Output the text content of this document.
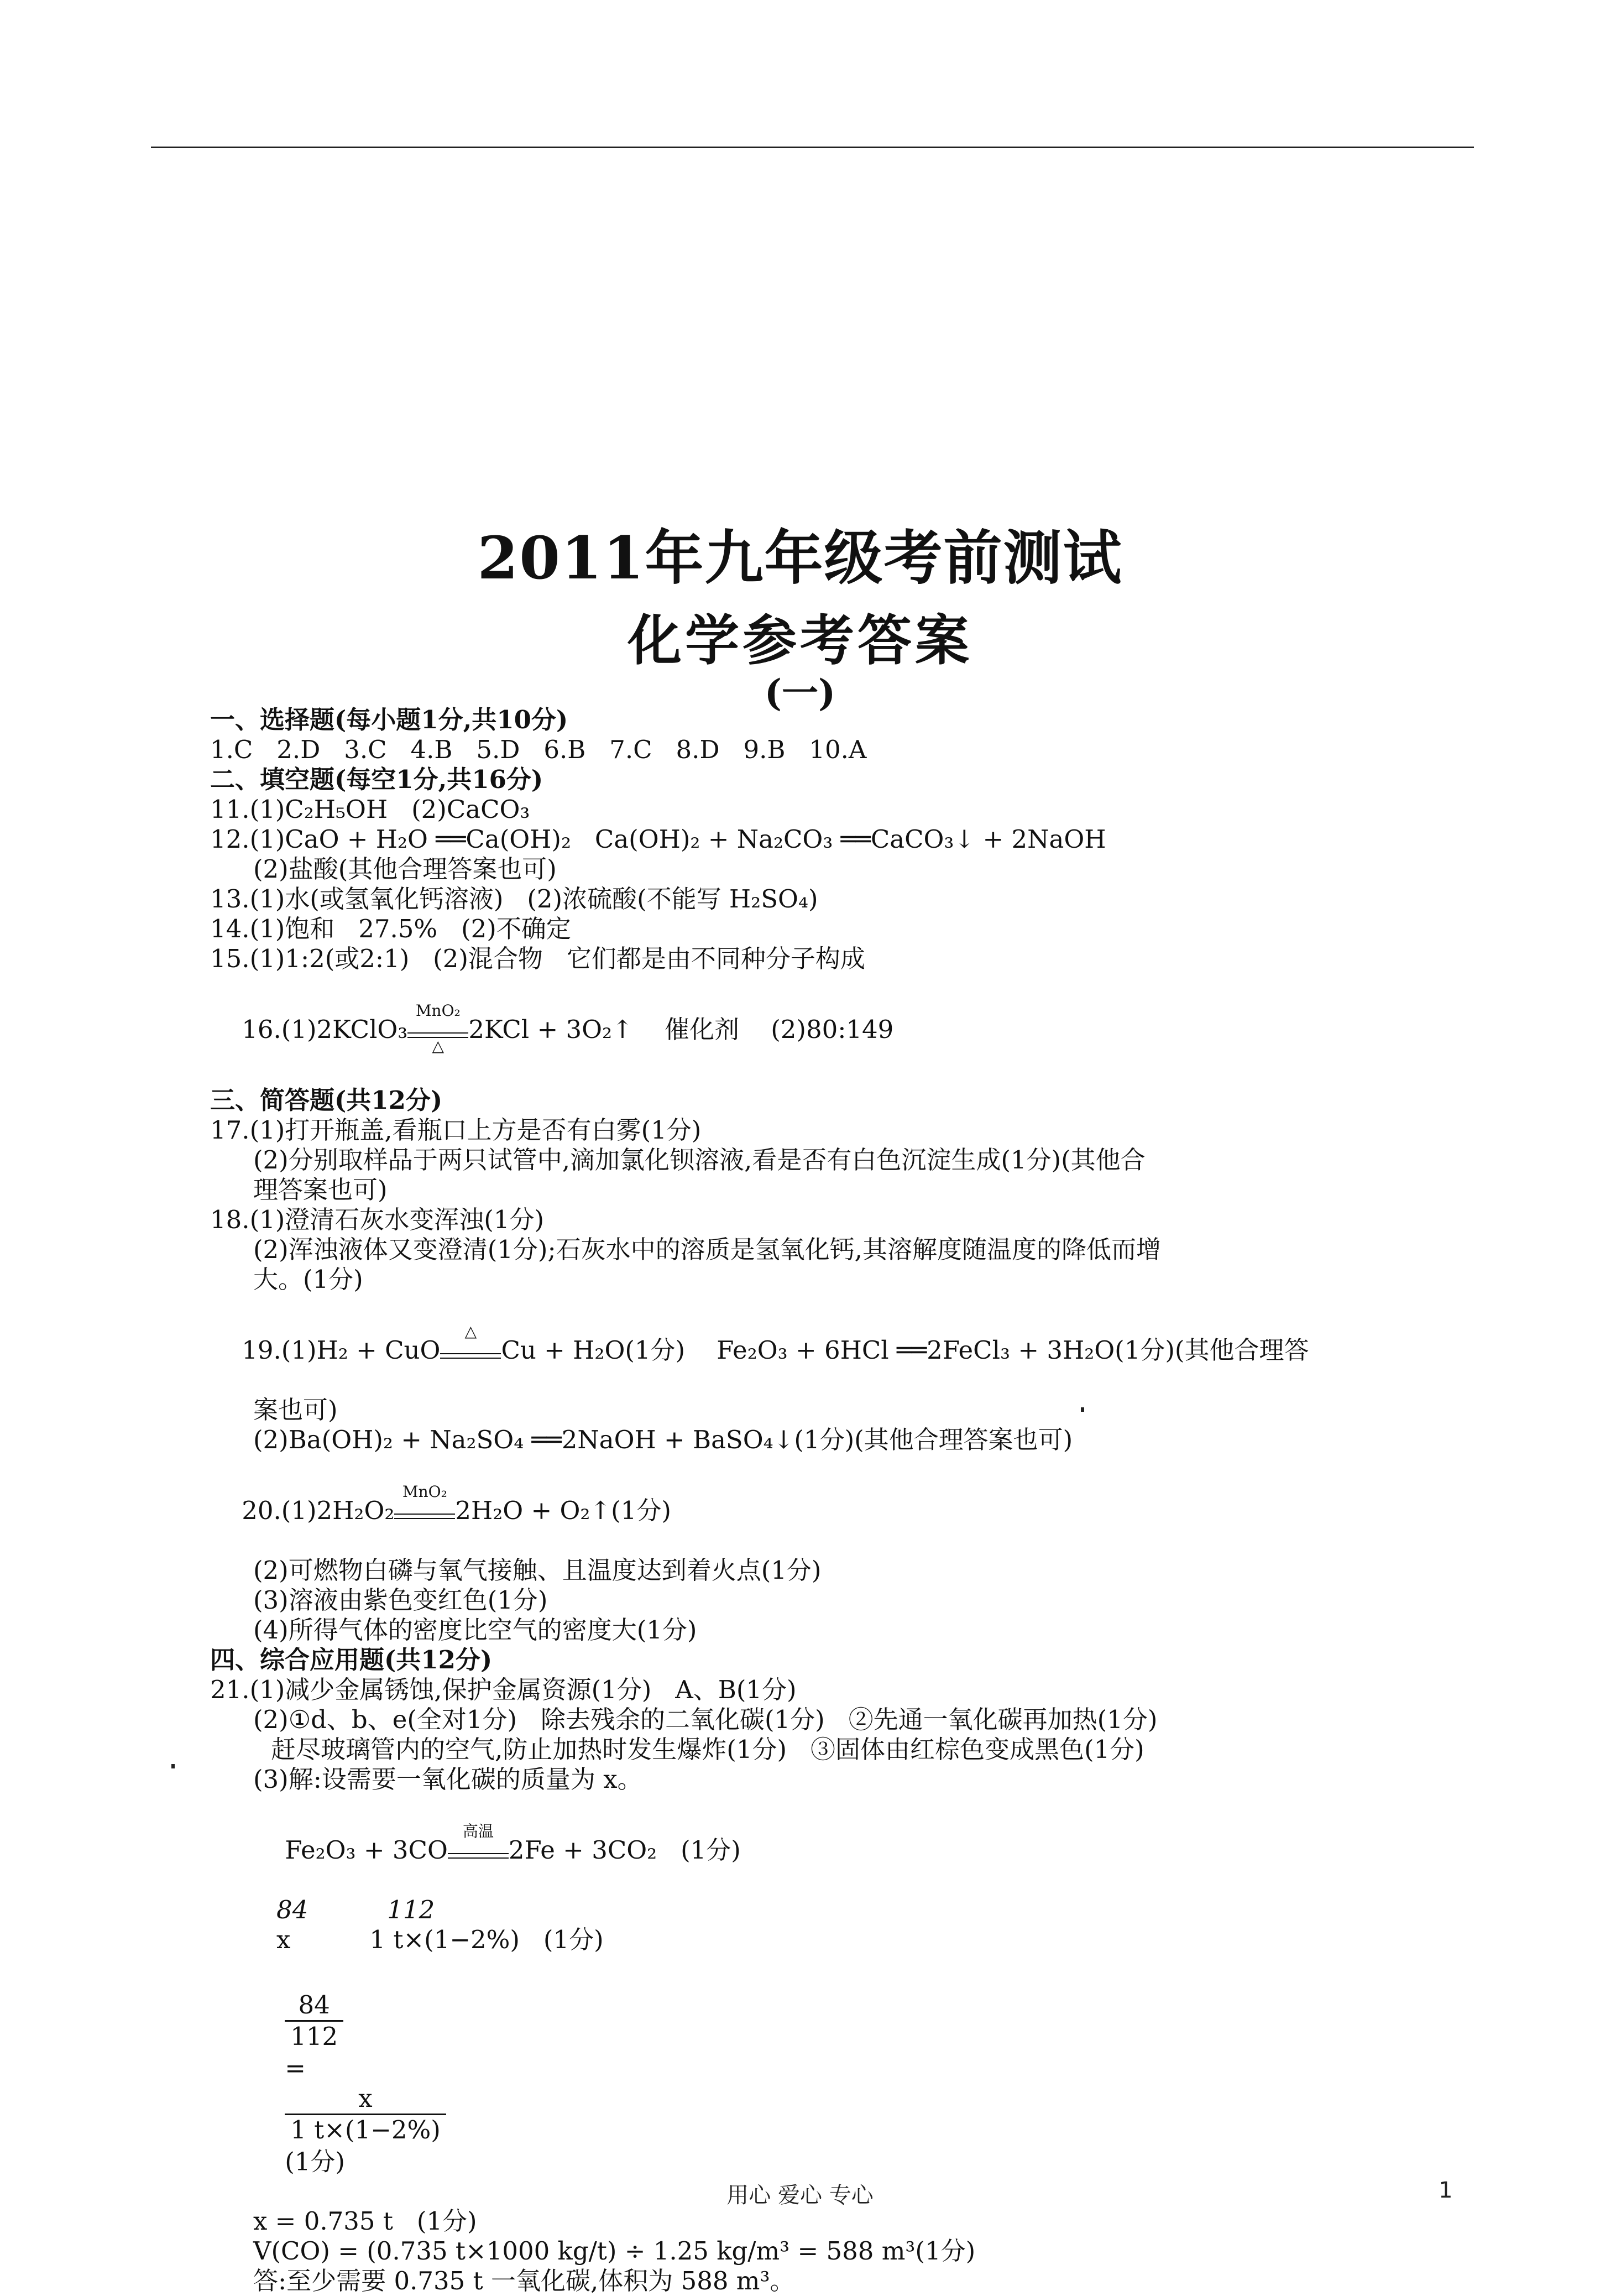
2011年九年级考前测试
化学参考答案
(一)
一、选择题(每小题1分,共10分)
1.C   2.D   3.C   4.B   5.D   6.B   7.C   8.D   9.B   10.A
二、填空题(每空1分,共16分)
11.(1)C₂H₅OH   (2)CaCO₃
12.(1)CaO + H₂O ══Ca(OH)₂   Ca(OH)₂ + Na₂CO₃ ══CaCO₃↓ + 2NaOH
(2)盐酸(其他合理答案也可)
13.(1)水(或氢氧化钙溶液)   (2)浓硫酸(不能写 H₂SO₄)
14.(1)饱和   27.5%   (2)不确定
15.(1)1:2(或2:1)   (2)混合物   它们都是由不同种分子构成

16.(1)2KClO₃
MnO₂
△
2KCl + 3O₂↑    催化剂    (2)80:149

三、简答题(共12分)
17.(1)打开瓶盖,看瓶口上方是否有白雾(1分)
(2)分别取样品于两只试管中,滴加氯化钡溶液,看是否有白色沉淀生成(1分)(其他合
理答案也可)
18.(1)澄清石灰水变浑浊(1分)
(2)浑浊液体又变澄清(1分);石灰水中的溶质是氢氧化钙,其溶解度随温度的降低而增
大。(1分)

19.(1)H₂ + CuO
△
Cu + H₂O(1分)    Fe₂O₃ + 6HCl ══2FeCl₃ + 3H₂O(1分)(其他合理答

案也可)
(2)Ba(OH)₂ + Na₂SO₄ ══2NaOH + BaSO₄↓(1分)(其他合理答案也可)

20.(1)2H₂O₂
MnO₂
2H₂O + O₂↑(1分)

(2)可燃物白磷与氧气接触、且温度达到着火点(1分)
(3)溶液由紫色变红色(1分)
(4)所得气体的密度比空气的密度大(1分)
四、综合应用题(共12分)
21.(1)减少金属锈蚀,保护金属资源(1分)   A、B(1分)
(2)①d、b、e(全对1分)   除去残余的二氧化碳(1分)   ②先通一氧化碳再加热(1分)
赶尽玻璃管内的空气,防止加热时发生爆炸(1分)   ③固体由红棕色变成黑色(1分)
(3)解:设需要一氧化碳的质量为 x。

Fe₂O₃ + 3CO
高温
2Fe + 3CO₂   (1分)

84          112
x          1 t×(1−2%)   (1分)

$\frac{84}{112}$

=

$\frac{x}{1 t\times(1-2\%)}$

(1分)

x = 0.735 t   (1分)
V(CO) = (0.735 t×1000 kg/t) ÷ 1.25 kg/m³ = 588 m³(1分)
答:至少需要 0.735 t 一氧化碳,体积为 588 m³。
用心 爱心 专心	1
